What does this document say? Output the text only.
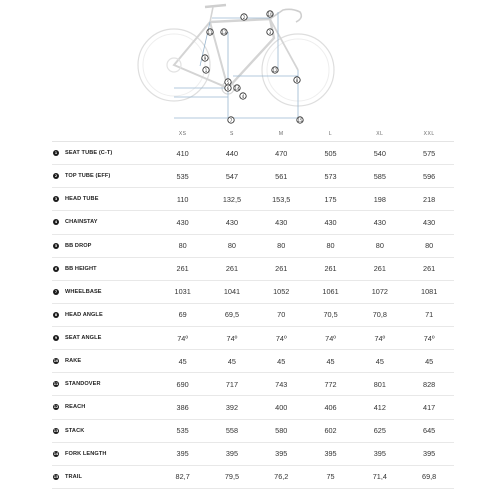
2
10
11 13	3
9
1	12
8
5
6 14
4
7	15
XS	S	M	L	XL	XXL
1	SEAT TUBE (C-T)	410	440	470	505	540	575
2	TOP TUBE (EFF)	535	547	561	573	585	596
3	HEAD TUBE	110	132,5	153,5	175	198	218
4	CHAINSTAY	430	430	430	430	430	430
5	BB DROP	80	80	80	80	80	80
6	BB HEIGHT	261	261	261	261	261	261
7	WHEELBASE	1031	1041	1052	1061	1072	1081
8	HEAD ANGLE	69	69,5	70	70,5	70,8	71
9	SEAT ANGLE	74º	74º	74º	74º	74º	74º
10 RAKE	45	45	45	45	45	45
11 STANDOVER	690	717	743	772	801	828
12 REACH	386	392	400	406	412	417
13 STACK	535	558	580	602	625	645
14 FORK LENGTH	395	395	395	395	395	395
15 TRAIL	82,7	79,5	76,2	75	71,4	69,8
